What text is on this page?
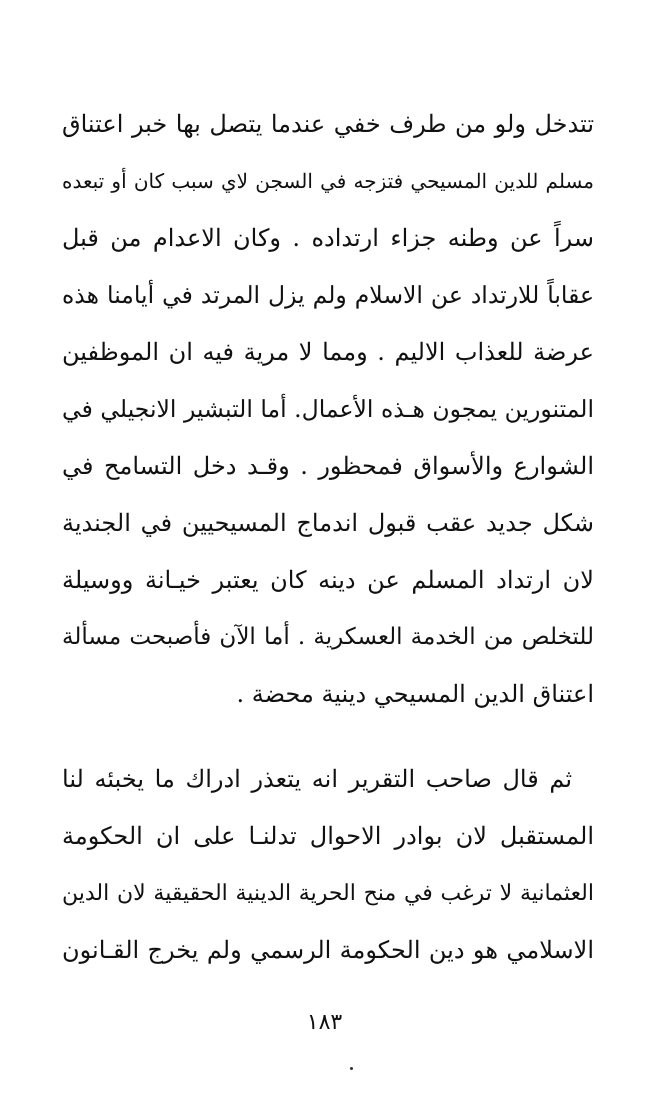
تتدخل ولو من طرف خفي عندما يتصل بها خبر اعتناق
مسلم للدين المسيحي فتزجه في السجن لاي سبب كان أو تبعده
سراً عن وطنه جزاء ارتداده . وكان الاعدام من قبل
عقاباً للارتداد عن الاسلام ولم يزل المرتد في أيامنا هذه
عرضة للعذاب الاليم . ومما لا مرية فيه ان الموظفين
المتنورين يمجون هـذه الأعمال. أما التبشير الانجيلي في
الشوارع والأسواق فمحظور . وقـد دخل التسامح في
شكل جديد عقب قبول اندماج المسيحيين في الجندية
لان ارتداد المسلم عن دينه كان يعتبر خيـانة ووسيلة
للتخلص من الخدمة العسكرية . أما الآن فأصبحت مسألة
اعتناق الدين المسيحي دينية محضة .
ثم قال صاحب التقرير انه يتعذر ادراك ما يخبئه لنا
المستقبل لان بوادر الاحوال تدلنـا على ان الحكومة
العثمانية لا ترغب في منح الحرية الدينية الحقيقية لان الدين
الاسلامي هو دين الحكومة الرسمي ولم يخرج القـانون
١٨٣
